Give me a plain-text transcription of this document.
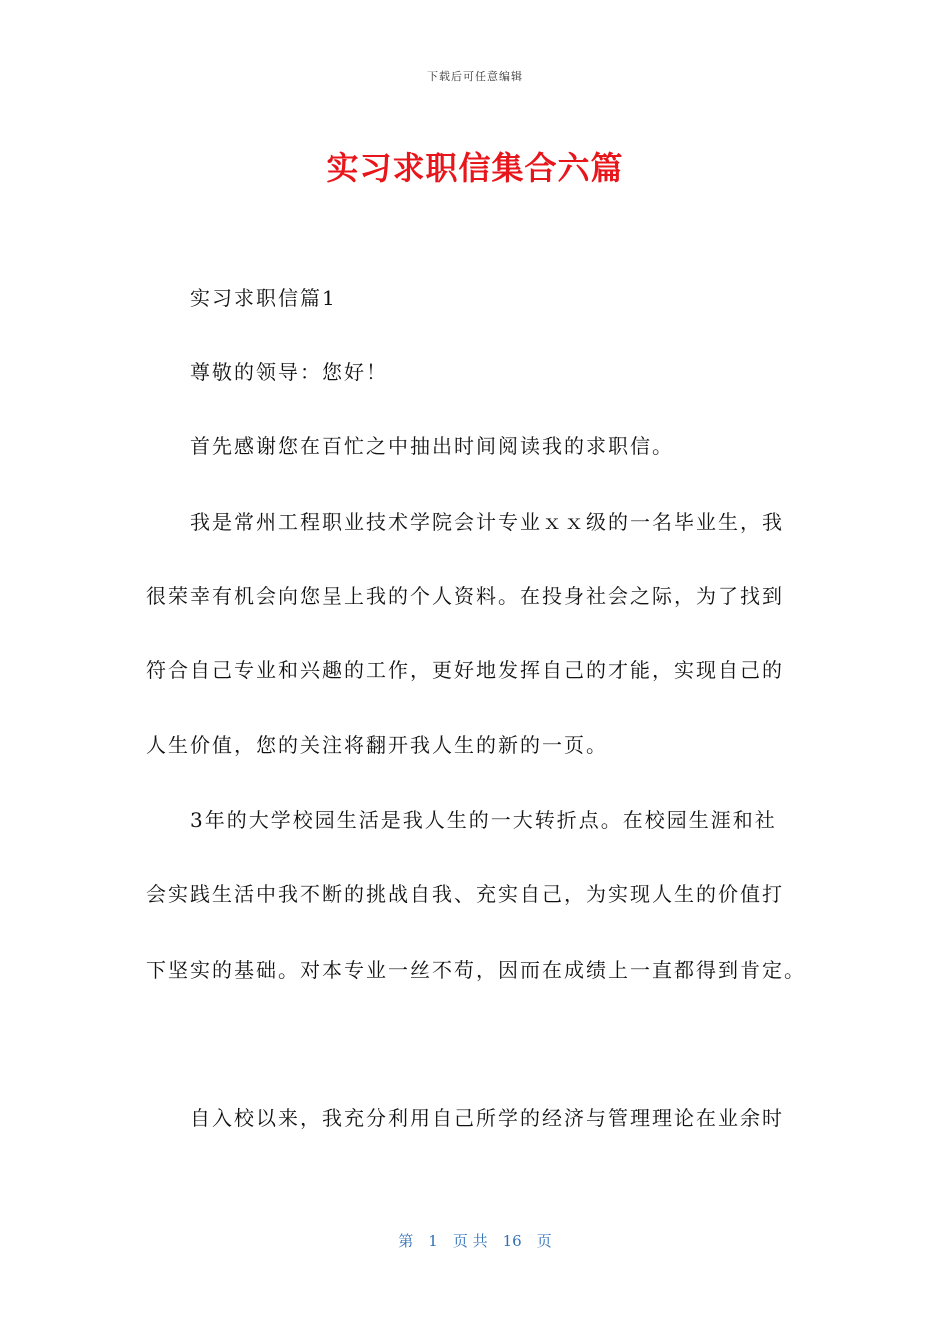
下载后可任意编辑
实习求职信集合六篇
实习求职信篇1
尊敬的领导：您好！
首先感谢您在百忙之中抽出时间阅读我的求职信。
我是常州工程职业技术学院会计专业ｘｘ级的一名毕业生，我
很荣幸有机会向您呈上我的个人资料。在投身社会之际，为了找到
符合自己专业和兴趣的工作，更好地发挥自己的才能，实现自己的
人生价值，您的关注将翻开我人生的新的一页。
3年的大学校园生活是我人生的一大转折点。在校园生涯和社
会实践生活中我不断的挑战自我、充实自己，为实现人生的价值打
下坚实的基础。对本专业一丝不苟，因而在成绩上一直都得到肯定。
自入校以来，我充分利用自己所学的经济与管理理论在业余时
第　1　页 共　16　页
